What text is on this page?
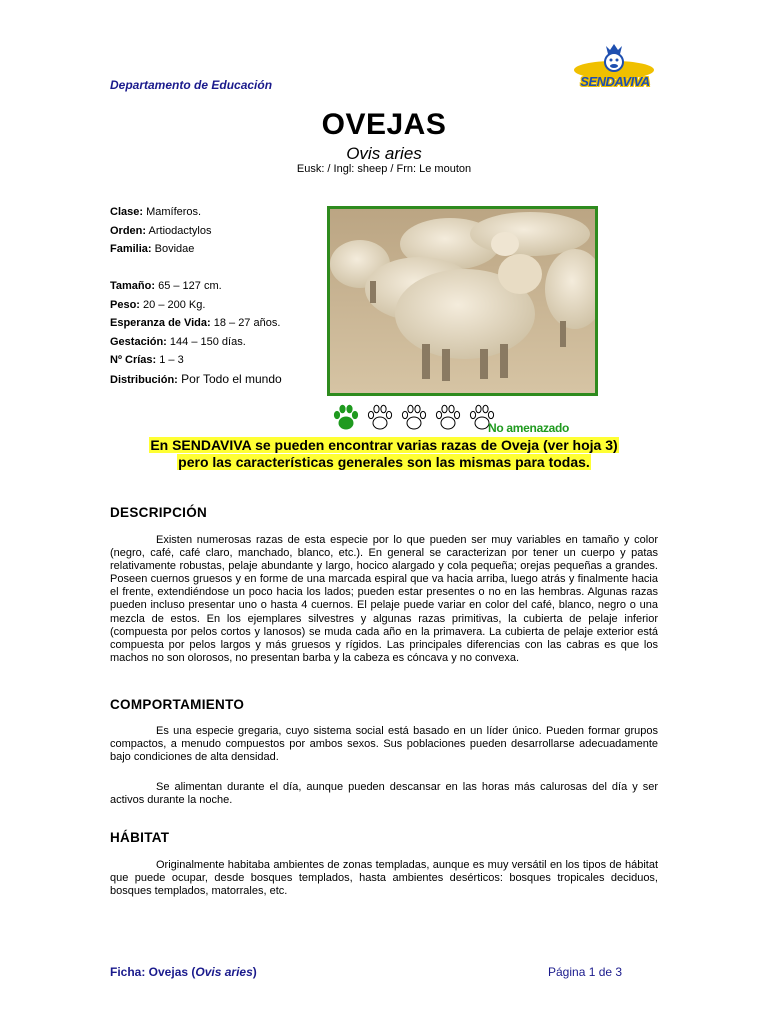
Departamento de Educación	SENDAVIVA
OVEJAS
Ovis aries
Eusk: / Ingl: sheep / Frn: Le mouton
Clase: Mamíferos.
Orden: Artiodactylos
Familia: Bovidae
Tamaño: 65 – 127 cm.
Peso: 20 – 200 Kg.
Esperanza de Vida: 18 – 27 años.
Gestación: 144 – 150 días.
Nº Crías: 1 – 3
Distribución: Por Todo el mundo
No amenazado
En SENDAVIVA se pueden encontrar varias razas de Oveja (ver hoja 3)
pero las características generales son las mismas para todas.
DESCRIPCIÓN
Existen numerosas razas de esta especie por lo que pueden ser muy variables en tamaño y color (negro, café, café claro, manchado, blanco, etc.). En general se caracterizan por tener un cuerpo y patas relativamente robustas, pelaje abundante y largo, hocico alargado y cola pequeña; orejas pequeñas a grandes. Poseen cuernos gruesos y en forme de una marcada espiral que va hacia arriba, luego atrás y finalmente hacia el frente, extendiéndose un poco hacia los lados; pueden estar presentes o no en las hembras. Algunas razas pueden incluso presentar uno o hasta 4 cuernos. El pelaje puede variar en color del café, blanco, negro o una mezcla de estos. En los ejemplares silvestres y algunas razas primitivas, la cubierta de pelaje inferior (compuesta por pelos cortos y lanosos) se muda cada año en la primavera. La cubierta de pelaje exterior está compuesta por pelos largos y más gruesos y rígidos. Las principales diferencias con las cabras es que los machos no son olorosos, no presentan barba y la cabeza es cóncava y no convexa.
COMPORTAMIENTO
Es una especie gregaria, cuyo sistema social está basado en un líder único. Pueden formar grupos compactos, a menudo compuestos por ambos sexos. Sus poblaciones pueden desarrollarse adecuadamente bajo condiciones de alta densidad.
Se alimentan durante el día, aunque pueden descansar en las horas más calurosas del día y ser activos durante la noche.
HÁBITAT
Originalmente habitaba ambientes de zonas templadas, aunque es muy versátil en los tipos de hábitat que puede ocupar, desde bosques templados, hasta ambientes desérticos: bosques tropicales deciduos, bosques templados, matorrales, etc.
Ficha: Ovejas (Ovis aries)	Página 1 de 3
